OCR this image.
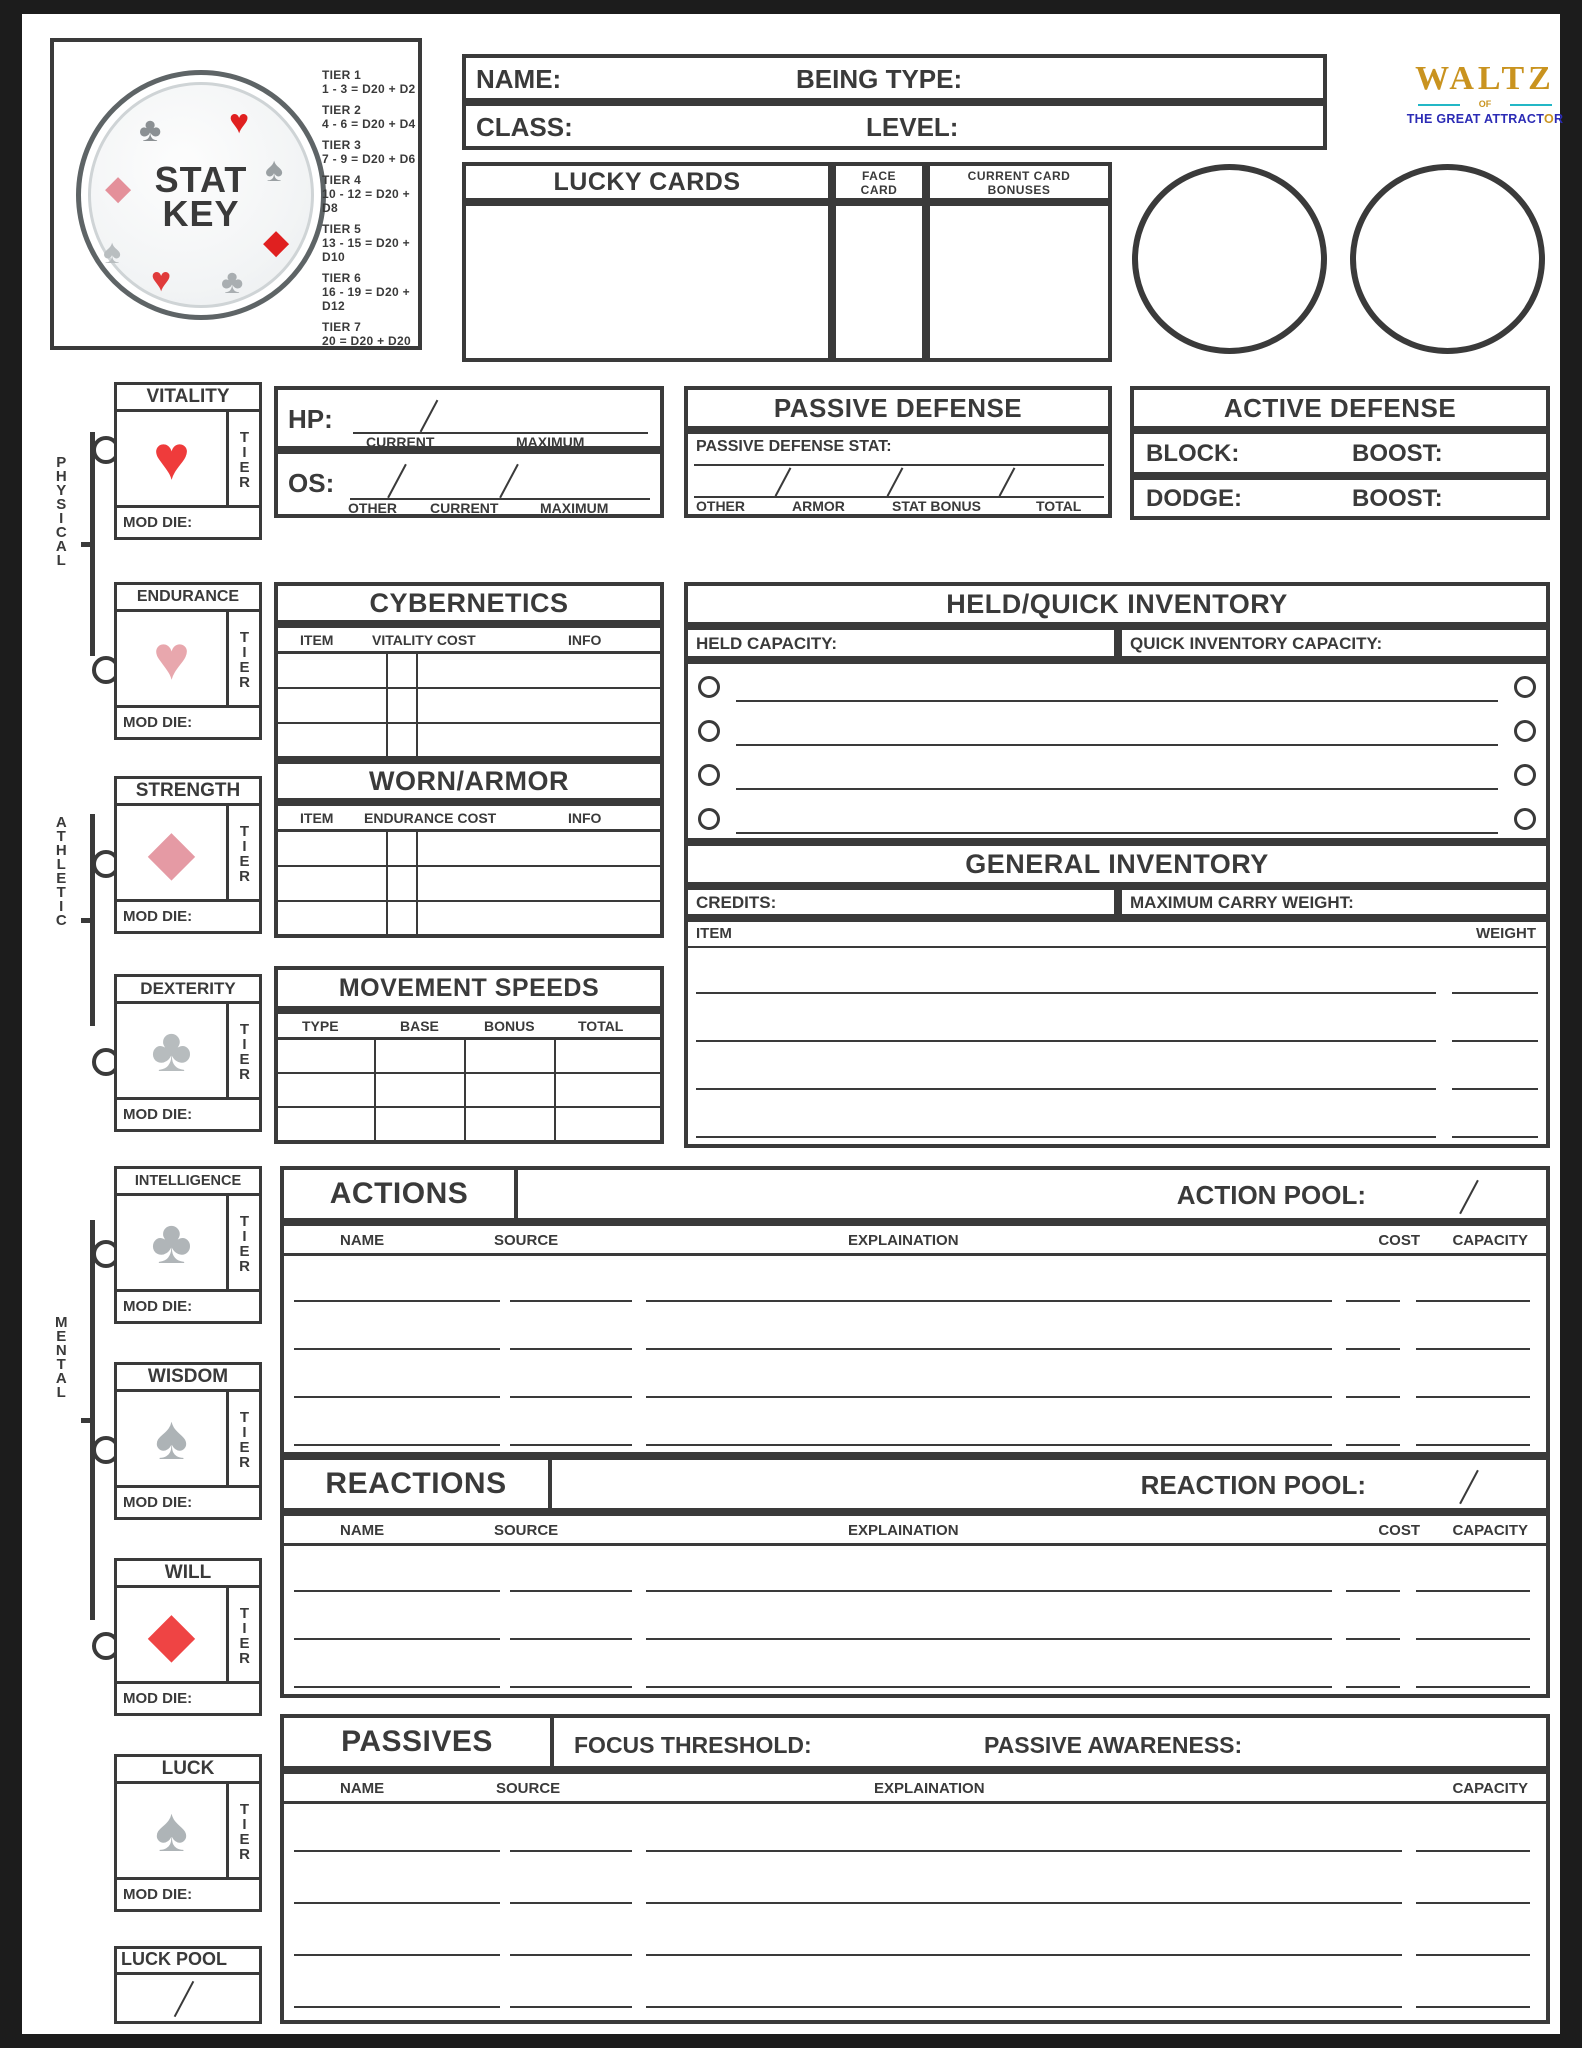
♣ ♥
◆	♠
♠
♥ ♣
◆
STAT
KEY
TIER 1
1 - 3 = D20 + D2
TIER 2
4 - 6 = D20 + D4
TIER 3
7 - 9 = D20 + D6
TIER 4
10 - 12 = D20 + D8
TIER 5
13 - 15 = D20 + D10
TIER 6
16 - 19 = D20 + D12
TIER 7
20 = D20 + D20
NAME:	BEING TYPE:
CLASS:	LEVEL:
LUCKY CARDS	FACE
CARD
CURRENT CARD
BONUSES
WALTZ
OF
THE GREAT ATTRACTOR
PHYSICAL
ATHLETIC
MENTAL
VITALITY
♥	TIER
MOD DIE:
ENDURANCE
♥	TIER
MOD DIE:
STRENGTH
◆	TIER
MOD DIE:
DEXTERITY
♣	TIER
MOD DIE:
INTELLIGENCE
♣	TIER
MOD DIE:
WISDOM
♠	TIER
MOD DIE:
WILL
◆	TIER
MOD DIE:
LUCK
♠	TIER
MOD DIE:
LUCK POOL
HP:
CURRENT	MAXIMUM
OS:
OTHER CURRENT	MAXIMUM
PASSIVE DEFENSE
PASSIVE DEFENSE STAT:
OTHER	ARMOR	STAT BONUS	TOTAL
ACTIVE DEFENSE
BLOCK:	BOOST:
DODGE:	BOOST:
CYBERNETICS
ITEM	VITALITY COST	INFO
WORN/ARMOR
ITEM ENDURANCE COST	INFO
MOVEMENT SPEEDS
TYPE	BASE	BONUS	TOTAL
HELD/QUICK INVENTORY
HELD CAPACITY:	QUICK INVENTORY CAPACITY:
GENERAL INVENTORY
CREDITS:	MAXIMUM CARRY WEIGHT:
ITEM	WEIGHT
ACTIONS	ACTION POOL:
NAME	SOURCE	EXPLAINATION	COST CAPACITY
REACTIONS	REACTION POOL:
NAME	SOURCE	EXPLAINATION	COST CAPACITY
PASSIVES	FOCUS THRESHOLD:	PASSIVE AWARENESS:
NAME	SOURCE	EXPLAINATION	CAPACITY
